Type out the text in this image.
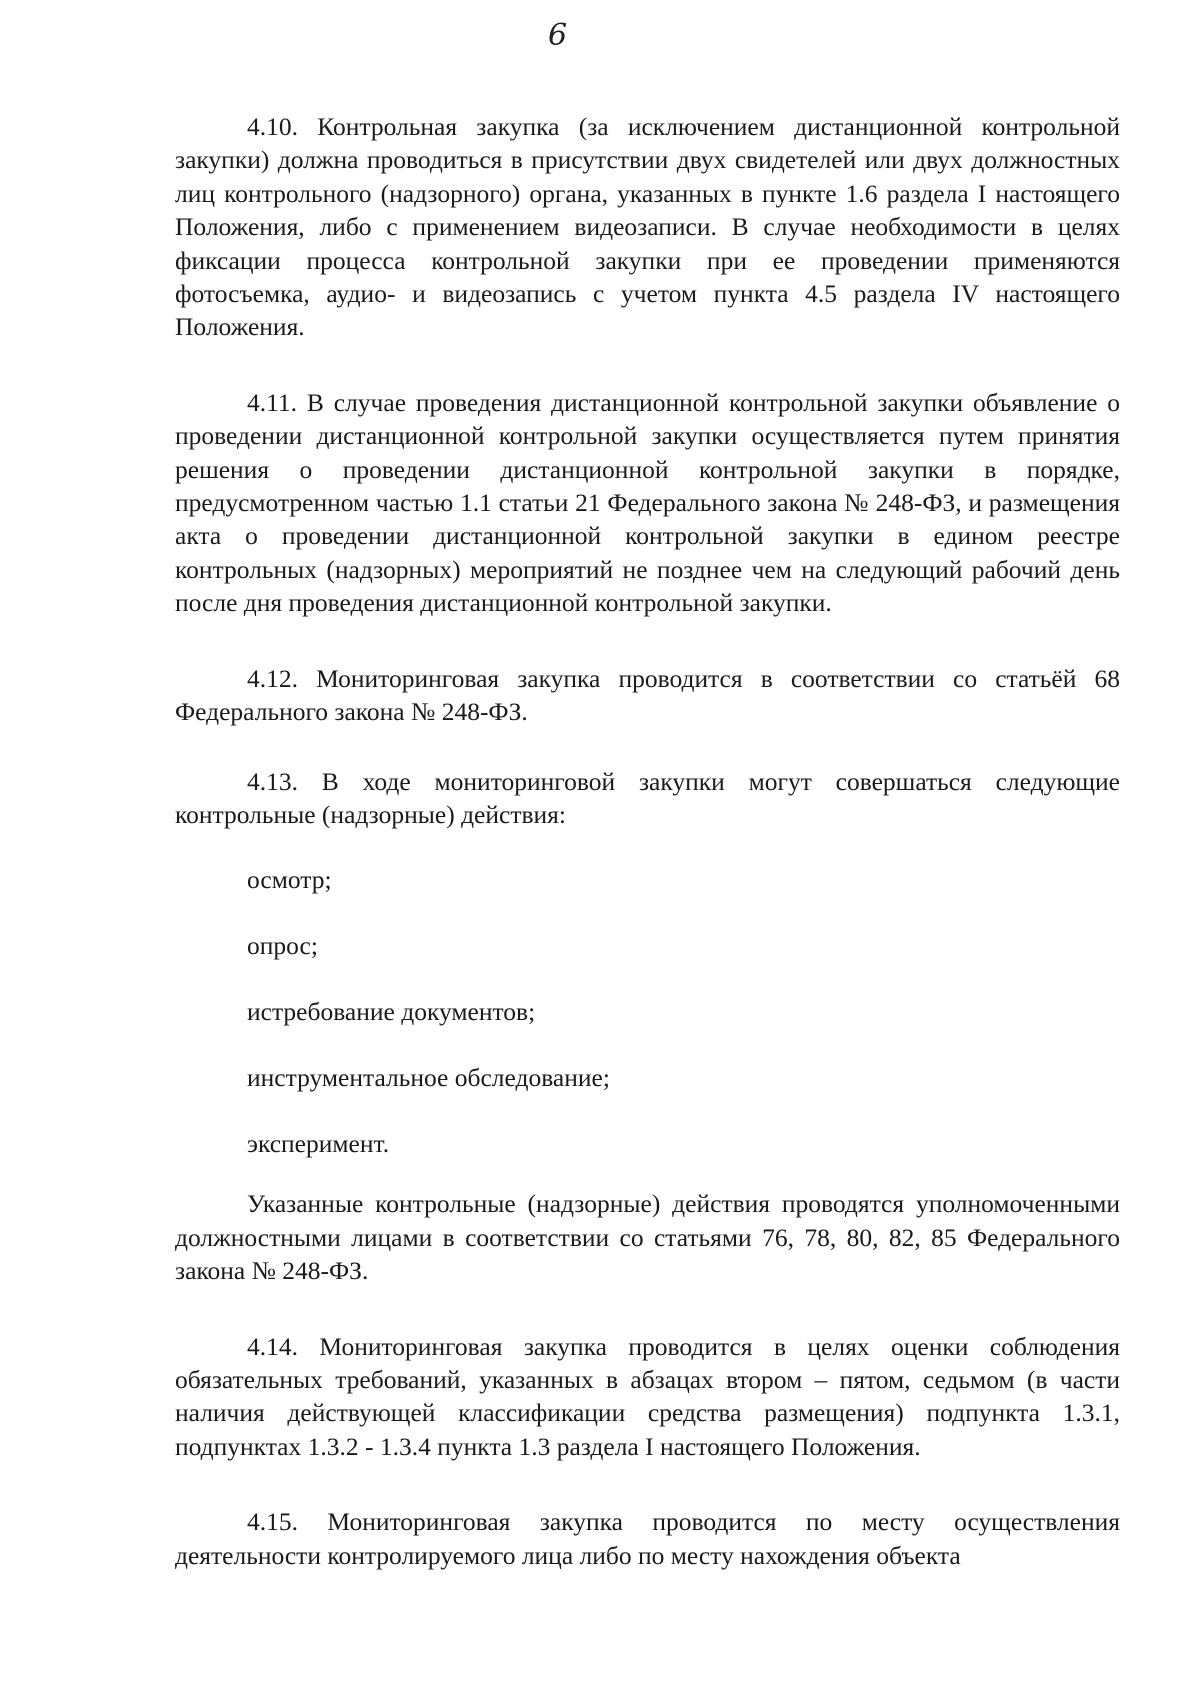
6

4.10. Контрольная закупка (за исключением дистанционной контрольной закупки) должна проводиться в присутствии двух свидетелей или двух должностных лиц контрольного (надзорного) органа, указанных в пункте 1.6 раздела I настоящего Положения, либо с применением видеозаписи. В случае необходимости в целях фиксации процесса контрольной закупки при ее проведении применяются фотосъемка, аудио- и видеозапись с учетом пункта 4.5 раздела IV настоящего Положения.

4.11. В случае проведения дистанционной контрольной закупки объявление о проведении дистанционной контрольной закупки осуществляется путем принятия решения о проведении дистанционной контрольной закупки в порядке, предусмотренном частью 1.1 статьи 21 Федерального закона № 248-ФЗ, и размещения акта о проведении дистанционной контрольной закупки в едином реестре контрольных (надзорных) мероприятий не позднее чем на следующий рабочий день после дня проведения дистанционной контрольной закупки.

4.12. Мониторинговая закупка проводится в соответствии со статьёй 68 Федерального закона № 248-ФЗ.

4.13. В ходе мониторинговой закупки могут совершаться следующие контрольные (надзорные) действия:

осмотр;

опрос;

истребование документов;

инструментальное обследование;

эксперимент.

Указанные контрольные (надзорные) действия проводятся уполномоченными должностными лицами в соответствии со статьями 76, 78, 80, 82, 85 Федерального закона № 248-ФЗ.

4.14. Мониторинговая закупка проводится в целях оценки соблюдения обязательных требований, указанных в абзацах втором – пятом, седьмом (в части наличия действующей классификации средства размещения) подпункта 1.3.1, подпунктах 1.3.2 - 1.3.4 пункта 1.3 раздела I настоящего Положения.

4.15. Мониторинговая закупка проводится по месту осуществления деятельности контролируемого лица либо по месту нахождения объекта
